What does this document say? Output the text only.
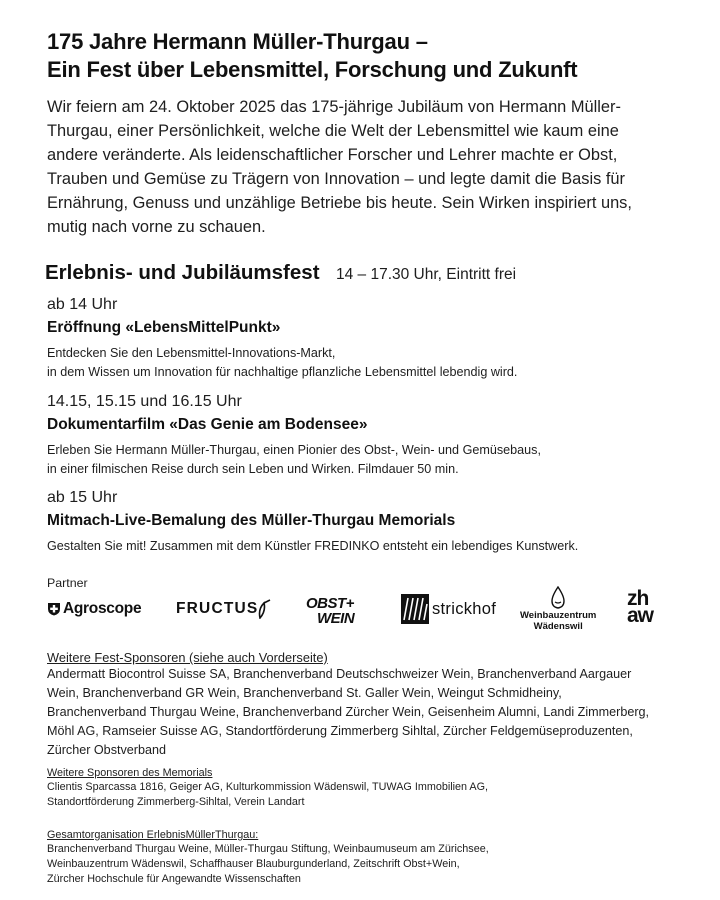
175 Jahre Hermann Müller-Thurgau –
Ein Fest über Lebensmittel, Forschung und Zukunft

Wir feiern am 24. Oktober 2025 das 175-jährige Jubiläum von Hermann Müller-Thurgau, einer Persönlichkeit, welche die Welt der Lebensmittel wie kaum eine andere veränderte. Als leidenschaftlicher Forscher und Lehrer machte er Obst, Trauben und Gemüse zu Trägern von Innovation – und legte damit die Basis für Ernährung, Genuss und unzählige Betriebe bis heute. Sein Wirken inspiriert uns, mutig nach vorne zu schauen.

Erlebnis- und Jubiläumsfest 14 – 17.30 Uhr, Eintritt frei
ab 14 Uhr
Eröffnung «LebensMittelPunkt»
Entdecken Sie den Lebensmittel-Innovations-Markt,
in dem Wissen um Innovation für nachhaltige pflanzliche Lebensmittel lebendig wird.
14.15, 15.15 und 16.15 Uhr
Dokumentarfilm «Das Genie am Bodensee»
Erleben Sie Hermann Müller-Thurgau, einen Pionier des Obst-, Wein- und Gemüsebaus,
in einer filmischen Reise durch sein Leben und Wirken. Filmdauer 50 min.
ab 15 Uhr
Mitmach-Live-Bemalung des Müller-Thurgau Memorials
Gestalten Sie mit! Zusammen mit dem Künstler FREDINKO entsteht ein lebendiges Kunstwerk.
Partner
Agroscope FRUCTUS	OBST+
WEIN
strickhof	Weinbauzentrum
Wädenswil
zh
aw
Weitere Fest-Sponsoren (siehe auch Vorderseite)
Andermatt Biocontrol Suisse SA, Branchenverband Deutschschweizer Wein, Branchenverband Aargauer Wein, Branchenverband GR Wein, Branchenverband St. Galler Wein, Weingut Schmidheiny, Branchenverband Thurgau Weine, Branchenverband Zürcher Wein, Geisenheim Alumni, Landi Zimmerberg, Möhl AG, Ramseier Suisse AG, Standortförderung Zimmerberg Sihltal, Zürcher Feldgemüseproduzenten, Zürcher Obstverband
Weitere Sponsoren des Memorials
Clientis Sparcassa 1816, Geiger AG, Kulturkommission Wädenswil, TUWAG Immobilien AG,
Standortförderung Zimmerberg-Sihltal, Verein Landart
Gesamtorganisation ErlebnisMüllerThurgau:
Branchenverband Thurgau Weine, Müller-Thurgau Stiftung, Weinbaumuseum am Zürichsee,
Weinbauzentrum Wädenswil, Schaffhauser Blauburgunderland, Zeitschrift Obst+Wein,
Zürcher Hochschule für Angewandte Wissenschaften
